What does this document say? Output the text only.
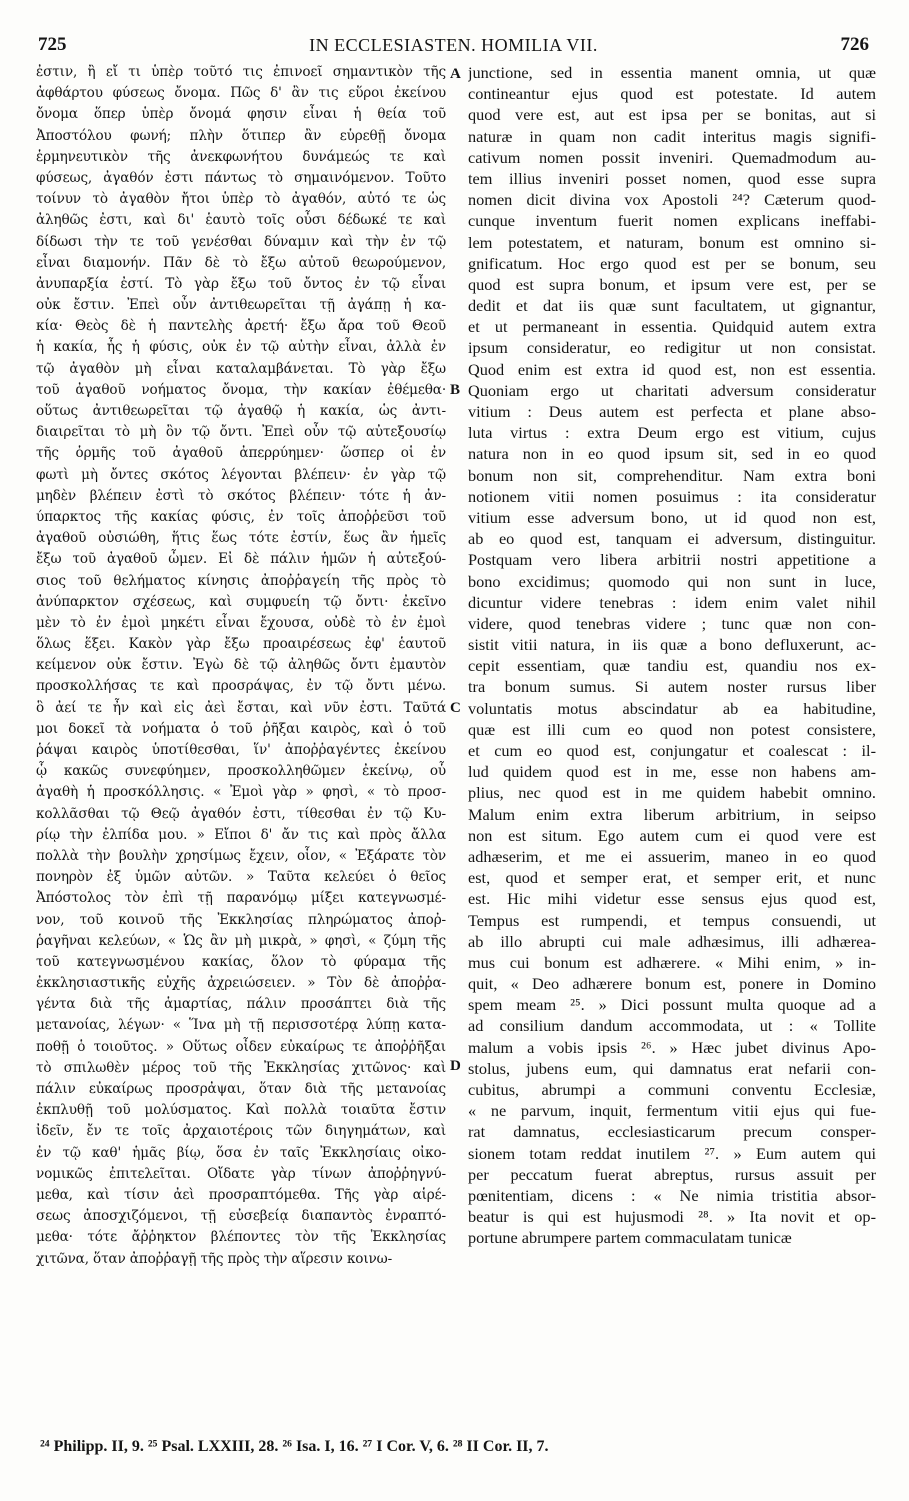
725	IN ECCLESIASTEN. HOMILIA VII.	726
ἐστιν, ἢ εἴ τι ὑπὲρ τοῦτό τις ἐπινοεῖ σημαντικὸν τῆς
ἀφθάρτου φύσεως ὄνομα. Πῶς δ' ἂν τις εὕροι ἐκείνου
ὄνομα ὅπερ ὑπὲρ ὄνομά φησιν εἶναι ἡ θεία τοῦ
Ἀποστόλου φωνή; πλὴν ὅτιπερ ἂν εὑρεθῇ ὄνομα
ἑρμηνευτικὸν τῆς ἀνεκφωνήτου δυνάμεώς τε καὶ
φύσεως, ἀγαθόν ἐστι πάντως τὸ σημαινόμενον. Τοῦτο
τοίνυν τὸ ἀγαθὸν ἤτοι ὑπὲρ τὸ ἀγαθόν, αὐτό τε ὡς
ἀληθῶς ἐστι, καὶ δι' ἑαυτὸ τοῖς οὖσι δέδωκέ τε καὶ
δίδωσι τὴν τε τοῦ γενέσθαι δύναμιν καὶ τὴν ἐν τῷ
εἶναι διαμονήν. Πᾶν δὲ τὸ ἔξω αὐτοῦ θεωρούμενον,
ἀνυπαρξία ἐστί. Τὸ γὰρ ἔξω τοῦ ὄντος ἐν τῷ εἶναι
οὐκ ἔστιν. Ἐπεὶ οὖν ἀντιθεωρεῖται τῇ ἀγάπῃ ἡ κα-
κία· Θεὸς δὲ ἡ παντελὴς ἀρετή· ἔξω ἄρα τοῦ Θεοῦ
ἡ κακία, ἧς ἡ φύσις, οὐκ ἐν τῷ αὐτὴν εἶναι, ἀλλὰ ἐν
τῷ ἀγαθὸν μὴ εἶναι καταλαμβάνεται. Τὸ γὰρ ἔξω
τοῦ ἀγαθοῦ νοήματος ὄνομα, τὴν κακίαν ἐθέμεθα·
οὕτως ἀντιθεωρεῖται τῷ ἀγαθῷ ἡ κακία, ὡς ἀντι-
διαιρεῖται τὸ μὴ ὂν τῷ ὄντι. Ἐπεὶ οὖν τῷ αὐτεξουσίῳ
τῆς ὁρμῆς τοῦ ἀγαθοῦ ἀπερρύημεν· ὥσπερ οἱ ἐν
φωτὶ μὴ ὄντες σκότος λέγονται βλέπειν· ἐν γὰρ τῷ
μηδὲν βλέπειν ἐστὶ τὸ σκότος βλέπειν· τότε ἡ ἀν-
ύπαρκτος τῆς κακίας φύσις, ἐν τοῖς ἀποῤῥεῦσι τοῦ
ἀγαθοῦ οὐσιώθη, ἥτις ἕως τότε ἐστίν, ἕως ἂν ἡμεῖς
ἔξω τοῦ ἀγαθοῦ ὦμεν. Εἰ δὲ πάλιν ἡμῶν ἡ αὐτεξού-
σιος τοῦ θελήματος κίνησις ἀποῤῥαγείη τῆς πρὸς τὸ
ἀνύπαρκτον σχέσεως, καὶ συμφυείη τῷ ὄντι· ἐκεῖνο
μὲν τὸ ἐν ἐμοὶ μηκέτι εἶναι ἔχουσα, οὐδὲ τὸ ἐν ἐμοὶ
ὅλως ἕξει. Κακὸν γὰρ ἔξω προαιρέσεως ἐφ' ἑαυτοῦ
κείμενον οὐκ ἔστιν. Ἐγὼ δὲ τῷ ἀληθῶς ὄντι ἐμαυτὸν
προσκολλήσας τε καὶ προσράψας, ἐν τῷ ὄντι μένω.
ὃ ἀεί τε ἦν καὶ εἰς ἀεὶ ἔσται, καὶ νῦν ἐστι. Ταῦτά
μοι δοκεῖ τὰ νοήματα ὁ τοῦ ῥῆξαι καιρὸς, καὶ ὁ τοῦ
ῥάψαι καιρὸς ὑποτίθεσθαι, ἵν' ἀποῤῥαγέντες ἐκείνου
ᾧ κακῶς συνεφύημεν, προσκολληθῶμεν ἐκείνῳ, οὗ
ἀγαθὴ ἡ προσκόλλησις. « Ἐμοὶ γὰρ » φησὶ, « τὸ προσ-
κολλᾶσθαι τῷ Θεῷ ἀγαθόν ἐστι, τίθεσθαι ἐν τῷ Κυ-
ρίῳ τὴν ἐλπίδα μου. » Εἴποι δ' ἄν τις καὶ πρὸς ἄλλα
πολλὰ τὴν βουλὴν χρησίμως ἔχειν, οἷον, « Ἐξάρατε τὸν
πονηρὸν ἐξ ὑμῶν αὐτῶν. » Ταῦτα κελεύει ὁ θεῖος
Ἀπόστολος τὸν ἐπὶ τῇ παρανόμῳ μίξει κατεγνωσμέ-
νον, τοῦ κοινοῦ τῆς Ἐκκλησίας πληρώματος ἀποῤ-
ῥαγῆναι κελεύων, « Ὡς ἂν μὴ μικρὰ, » φησὶ, « ζύμη τῆς
τοῦ κατεγνωσμένου κακίας, ὅλον τὸ φύραμα τῆς
ἐκκλησιαστικῆς εὐχῆς ἀχρειώσειεν. » Τὸν δὲ ἀποῤῥα-
γέντα διὰ τῆς ἁμαρτίας, πάλιν προσάπτει διὰ τῆς
μετανοίας, λέγων· « Ἵνα μὴ τῇ περισσοτέρᾳ λύπῃ κατα-
ποθῇ ὁ τοιοῦτος. » Οὕτως οἶδεν εὐκαίρως τε ἀποῤῥῆξαι
τὸ σπιλωθὲν μέρος τοῦ τῆς Ἐκκλησίας χιτῶνος· καὶ
πάλιν εὐκαίρως προσρἀψαι, ὅταν διὰ τῆς μετανοίας
ἐκπλυθῇ τοῦ μολύσματος. Καὶ πολλὰ τοιαῦτα ἔστιν
ἰδεῖν, ἔν τε τοῖς ἀρχαιοτέροις τῶν διηγημάτων, καὶ
ἐν τῷ καθ' ἡμᾶς βίῳ, ὅσα ἐν ταῖς Ἐκκλησίαις οἰκο-
νομικῶς ἐπιτελεῖται. Οἴδατε γὰρ τίνων ἀποῤῥηγνύ-
μεθα, καὶ τίσιν ἀεὶ προσραπτόμεθα. Τῆς γὰρ αἱρέ-
σεως ἀποσχιζόμενοι, τῇ εὐσεβείᾳ διαπαντὸς ἐνραπτό-
μεθα· τότε ἄῤῥηκτον βλέποντες τὸν τῆς Ἐκκλησίας
χιτῶνα, ὅταν ἀποῤῥαγῇ τῆς πρὸς τὴν αἵρεσιν κοινω-
junctione, sed in essentia manent omnia, ut quæ
contineantur ejus quod est potestate. Id autem
quod vere est, aut est ipsa per se bonitas, aut si
naturæ in quam non cadit interitus magis signifi-
cativum nomen possit inveniri. Quemadmodum au-
tem illius inveniri posset nomen, quod esse supra
nomen dicit divina vox Apostoli ²⁴? Cæterum quod-
cunque inventum fuerit nomen explicans ineffabi-
lem potestatem, et naturam, bonum est omnino si-
gnificatum. Hoc ergo quod est per se bonum, seu
quod est supra bonum, et ipsum vere est, per se
dedit et dat iis quæ sunt facultatem, ut gignantur,
et ut permaneant in essentia. Quidquid autem extra
ipsum consideratur, eo redigitur ut non consistat.
Quod enim est extra id quod est, non est essentia.
Quoniam ergo ut charitati adversum consideratur
vitium : Deus autem est perfecta et plane abso-
luta virtus : extra Deum ergo est vitium, cujus
natura non in eo quod ipsum sit, sed in eo quod
bonum non sit, comprehenditur. Nam extra boni
notionem vitii nomen posuimus : ita consideratur
vitium esse adversum bono, ut id quod non est,
ab eo quod est, tanquam ei adversum, distinguitur.
Postquam vero libera arbitrii nostri appetitione a
bono excidimus; quomodo qui non sunt in luce,
dicuntur videre tenebras : idem enim valet nihil
videre, quod tenebras videre ; tunc quæ non con-
sistit vitii natura, in iis quæ a bono defluxerunt, ac-
cepit essentiam, quæ tandiu est, quandiu nos ex-
tra bonum sumus. Si autem noster rursus liber
voluntatis motus abscindatur ab ea habitudine,
quæ est illi cum eo quod non potest consistere,
et cum eo quod est, conjungatur et coalescat : il-
lud quidem quod est in me, esse non habens am-
plius, nec quod est in me quidem habebit omnino.
Malum enim extra liberum arbitrium, in seipso
non est situm. Ego autem cum ei quod vere est
adhæserim, et me ei assuerim, maneo in eo quod
est, quod et semper erat, et semper erit, et nunc
est. Hic mihi videtur esse sensus ejus quod est,
Tempus est rumpendi, et tempus consuendi, ut
ab illo abrupti cui male adhæsimus, illi adhærea-
mus cui bonum est adhærere. « Mihi enim, » in-
quit, « Deo adhærere bonum est, ponere in Domino
spem meam ²⁵. » Dici possunt multa quoque ad a
ad consilium dandum accommodata, ut : « Tollite
malum a vobis ipsis ²⁶. » Hæc jubet divinus Apo-
stolus, jubens eum, qui damnatus erat nefarii con-
cubitus, abrumpi a communi conventu Ecclesiæ,
« ne parvum, inquit, fermentum vitii ejus qui fue-
rat damnatus, ecclesiasticarum precum consper-
sionem totam reddat inutilem ²⁷. » Eum autem qui
per peccatum fuerat abreptus, rursus assuit per
pœnitentiam, dicens : « Ne nimia tristitia absor-
beatur is qui est hujusmodi ²⁸. » Ita novit et op-
portune abrumpere partem commaculatam tunicæ
A
B
C
D
²⁴ Philipp. II, 9. ²⁵ Psal. LXXIII, 28. ²⁶ Isa. I, 16. ²⁷ I Cor. V, 6. ²⁸ II Cor. II, 7.
